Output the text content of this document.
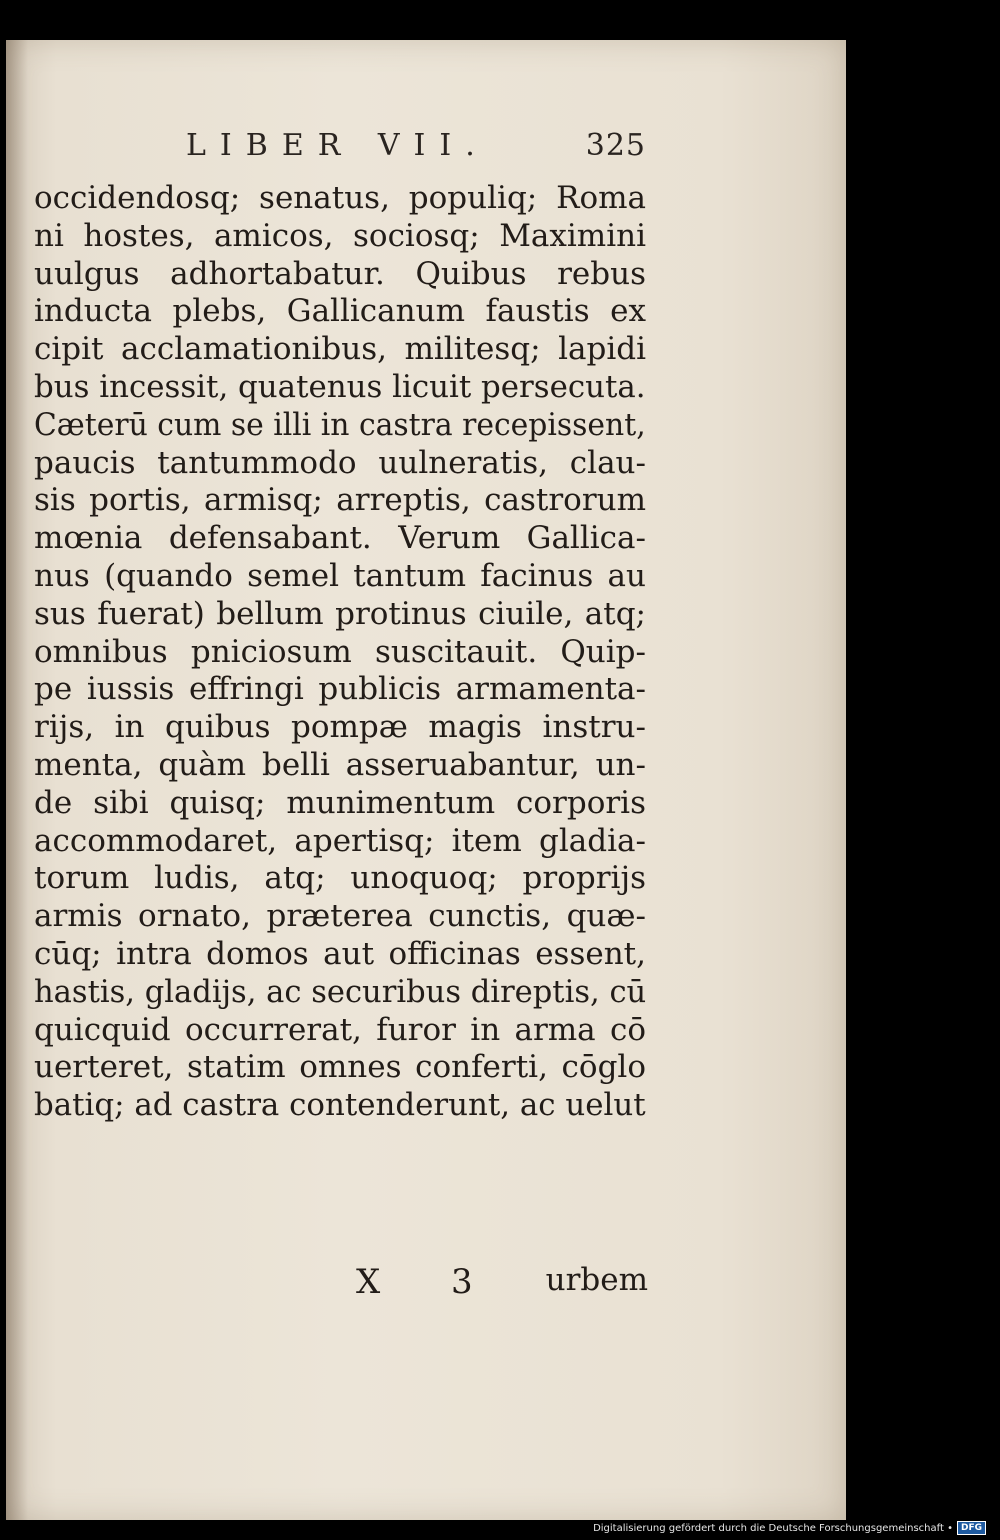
LIBER VII.	325
occidendosq; senatus, populiq; Roma
ni hostes, amicos, sociosq; Maximini
uulgus adhortabatur. Quibus rebus
inducta plebs, Gallicanum faustis ex
cipit acclamationibus, militesq; lapidi
bus incessit, quatenus licuit persecuta.
Cæterū cum se illi in castra recepissent,
paucis tantummodo uulneratis, clau-
sis portis, armisq; arreptis, castrorum
mœnia defensabant. Verum Gallica-
nus (quando semel tantum facinus au
sus fuerat) bellum protinus ciuile, atq;
omnibus pniciosum suscitauit. Quip-
pe iussis effringi publicis armamenta-
rijs, in quibus pompæ magis instru-
menta, quàm belli asseruabantur, un-
de sibi quisq; munimentum corporis
accommodaret, apertisq; item gladia-
torum ludis, atq; unoquoq; proprijs
armis ornato, præterea cunctis, quæ-
cūq; intra domos aut officinas essent,
hastis, gladijs, ac securibus direptis, cū
quicquid occurrerat, furor in arma cō
uerteret, statim omnes conferti, cōglo
batiq; ad castra contenderunt, ac uelut
X 3 urbem
Digitalisierung gefördert durch die Deutsche Forschungsgemeinschaft • DFG
